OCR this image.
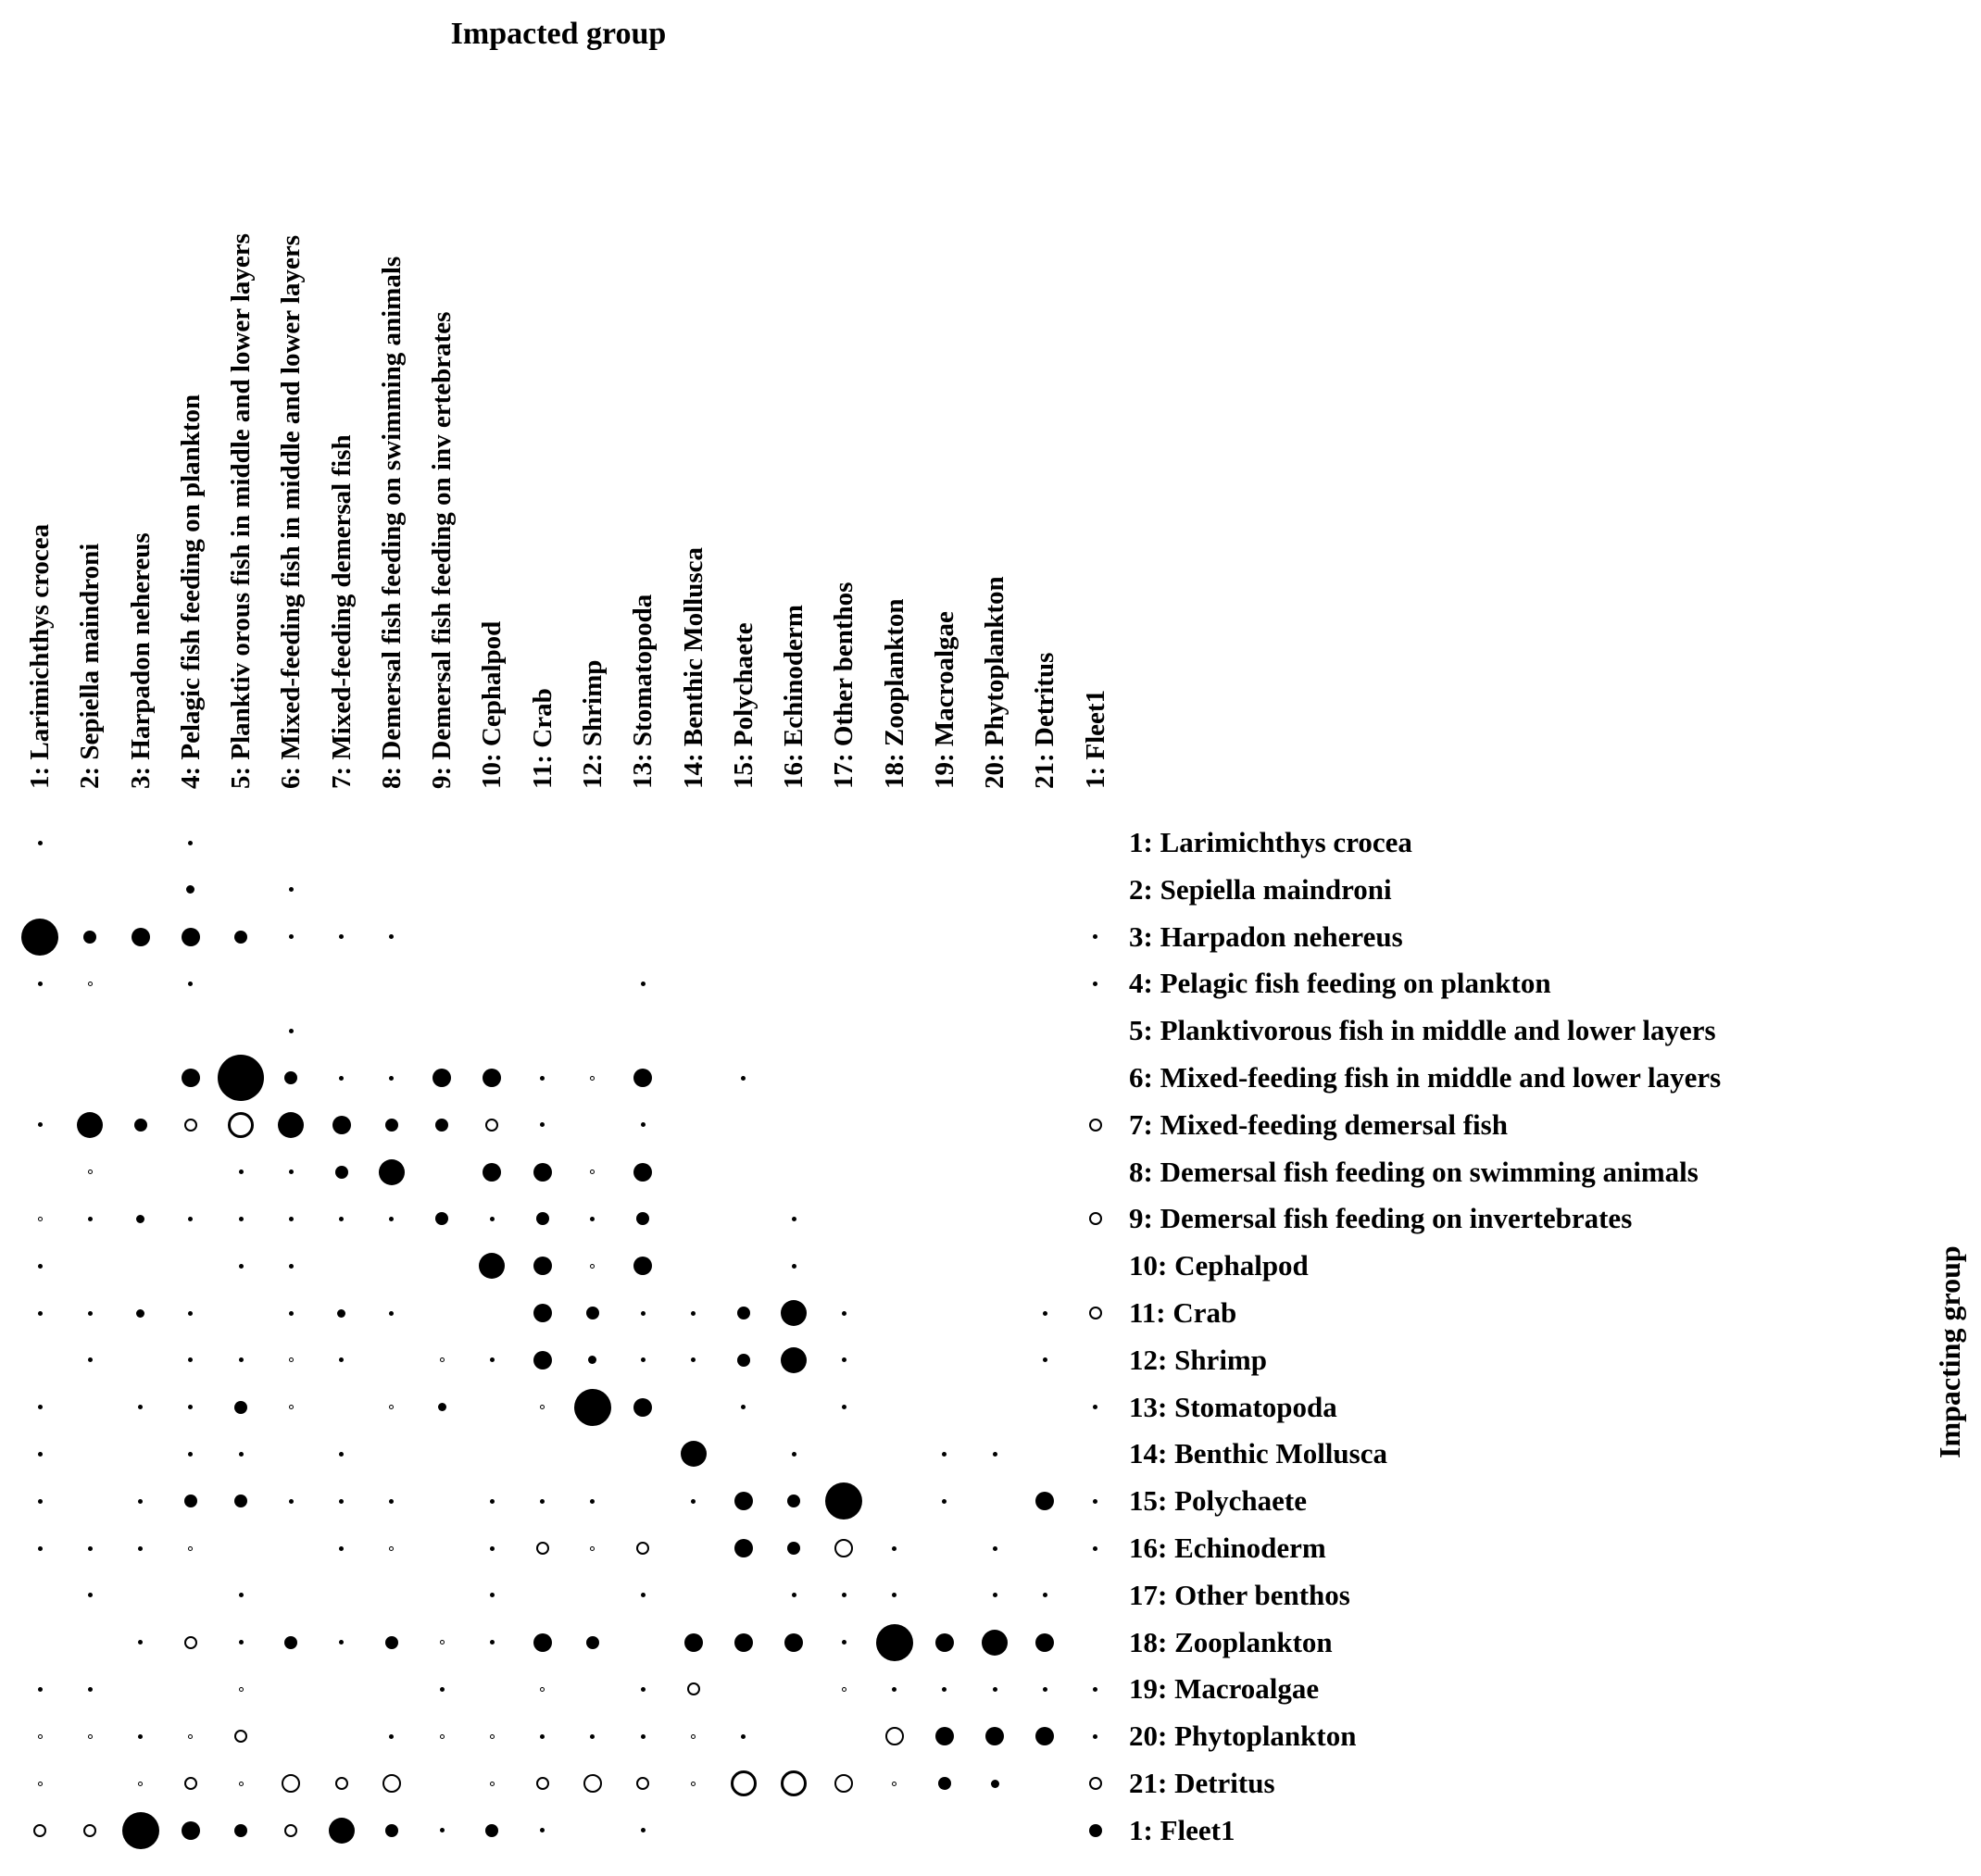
Impacted group
Impacting group
1: Larimichthys crocea 2: Sepiella maindroni 3: Harpadon nehereus 4: Pelagic fish feeding on plankton 5: Planktiv orous fish in middle and lower layers 6: Mixed-feeding fish in middle and lower layers 7: Mixed-feeding demersal fish 8: Demersal fish feeding on swimming animals 9: Demersal fish feeding on inv ertebrates 10: Cephalpod 11: Crab 12: Shrimp 13: Stomatopoda 14: Benthic Mollusca 15: Polychaete 16: Echinoderm 17: Other benthos 18: Zooplankton 19: Macroalgae 20: Phytoplankton 21: Detritus 1: Fleet1
1: Larimichthys crocea
2: Sepiella maindroni
3: Harpadon nehereus
4: Pelagic fish feeding on plankton
5: Planktivorous fish in middle and lower layers
6: Mixed-feeding fish in middle and lower layers
7: Mixed-feeding demersal fish
8: Demersal fish feeding on swimming animals
9: Demersal fish feeding on invertebrates
10: Cephalpod
11: Crab
12: Shrimp
13: Stomatopoda
14: Benthic Mollusca
15: Polychaete
16: Echinoderm
17: Other benthos
18: Zooplankton
19: Macroalgae
20: Phytoplankton
21: Detritus
1: Fleet1
